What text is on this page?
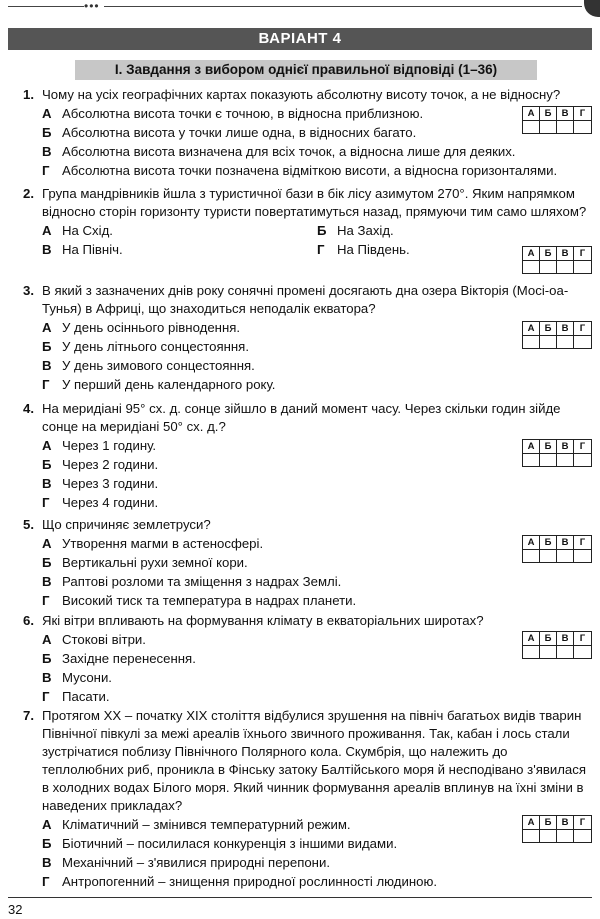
•••
ВАРІАНТ 4
І. Завдання з вибором однієї правильної відповіді (1–36)
1. Чому на усіх географічних картах показують абсолютну висоту точок, а не відносну?
А Абсолютна висота точки є точною, в відносна приблизною.
Б Абсолютна висота у точки лише одна, в відносних багато.
В Абсолютна висота визначена для всіх точок, а відносна лише для деяких.
Г Абсолютна висота точки позначена відміткою висоти, а відносна горизонталями.
2. Група мандрівників йшла з туристичної бази в бік лісу азимутом 270°. Яким напрямком відносно сторін горизонту туристи повертатимуться назад, прямуючи тим само шляхом?
А На Схід.	Б На Захід.
В На Північ.	Г На Південь.
3. В який з зазначених днів року сонячні промені досягають дна озера Вікторія (Мосі-оа-Тунья) в Африці, що знаходиться неподалік екватора?
А У день осіннього рівнодення.
Б У день літнього сонцестояння.
В У день зимового сонцестояння.
Г У перший день календарного року.
4. На меридіані 95° сх. д. сонце зійшло в даний момент часу. Через скільки годин зійде сонце на меридіані 50° сх. д.?
А Через 1 годину.
Б Через 2 години.
В Через 3 години.
Г Через 4 години.
5. Що спричиняє землетруси?
А Утворення магми в астеносфері.
Б Вертикальні рухи земної кори.
В Раптові розломи та зміщення з надрах Землі.
Г Високий тиск та температура в надрах планети.
6. Які вітри впливають на формування клімату в екваторіальних широтах?
А Стокові вітри.
Б Західне перенесення.
В Мусони.
Г Пасати.
7. Протягом ХХ – початку ХІХ століття відбулися зрушення на північ багатьох видів тварин Північної півкулі за межі ареалів їхнього звичного проживання. Так, кабан і лось стали зустрічатися поблизу Північного Полярного кола. Скумбрія, що належить до теплолюбних риб, проникла в Фінську затоку Балтійського моря й несподівано з'явилася в холодних водах Білого моря. Який чинник формування ареалів вплинув на їхні зміни в наведених прикладах?
А Кліматичний – змінився температурний режим.
Б Біотичний – посилилася конкуренція з іншими видами.
В Механічний – з'явилися природні перепони.
Г Антропогенний – знищення природної рослинності людиною.
32
А	Б	В	Г
А	Б	В	Г
А	Б	В	Г
А	Б	В	Г
А	Б	В	Г
А	Б	В	Г
А	Б	В	Г
